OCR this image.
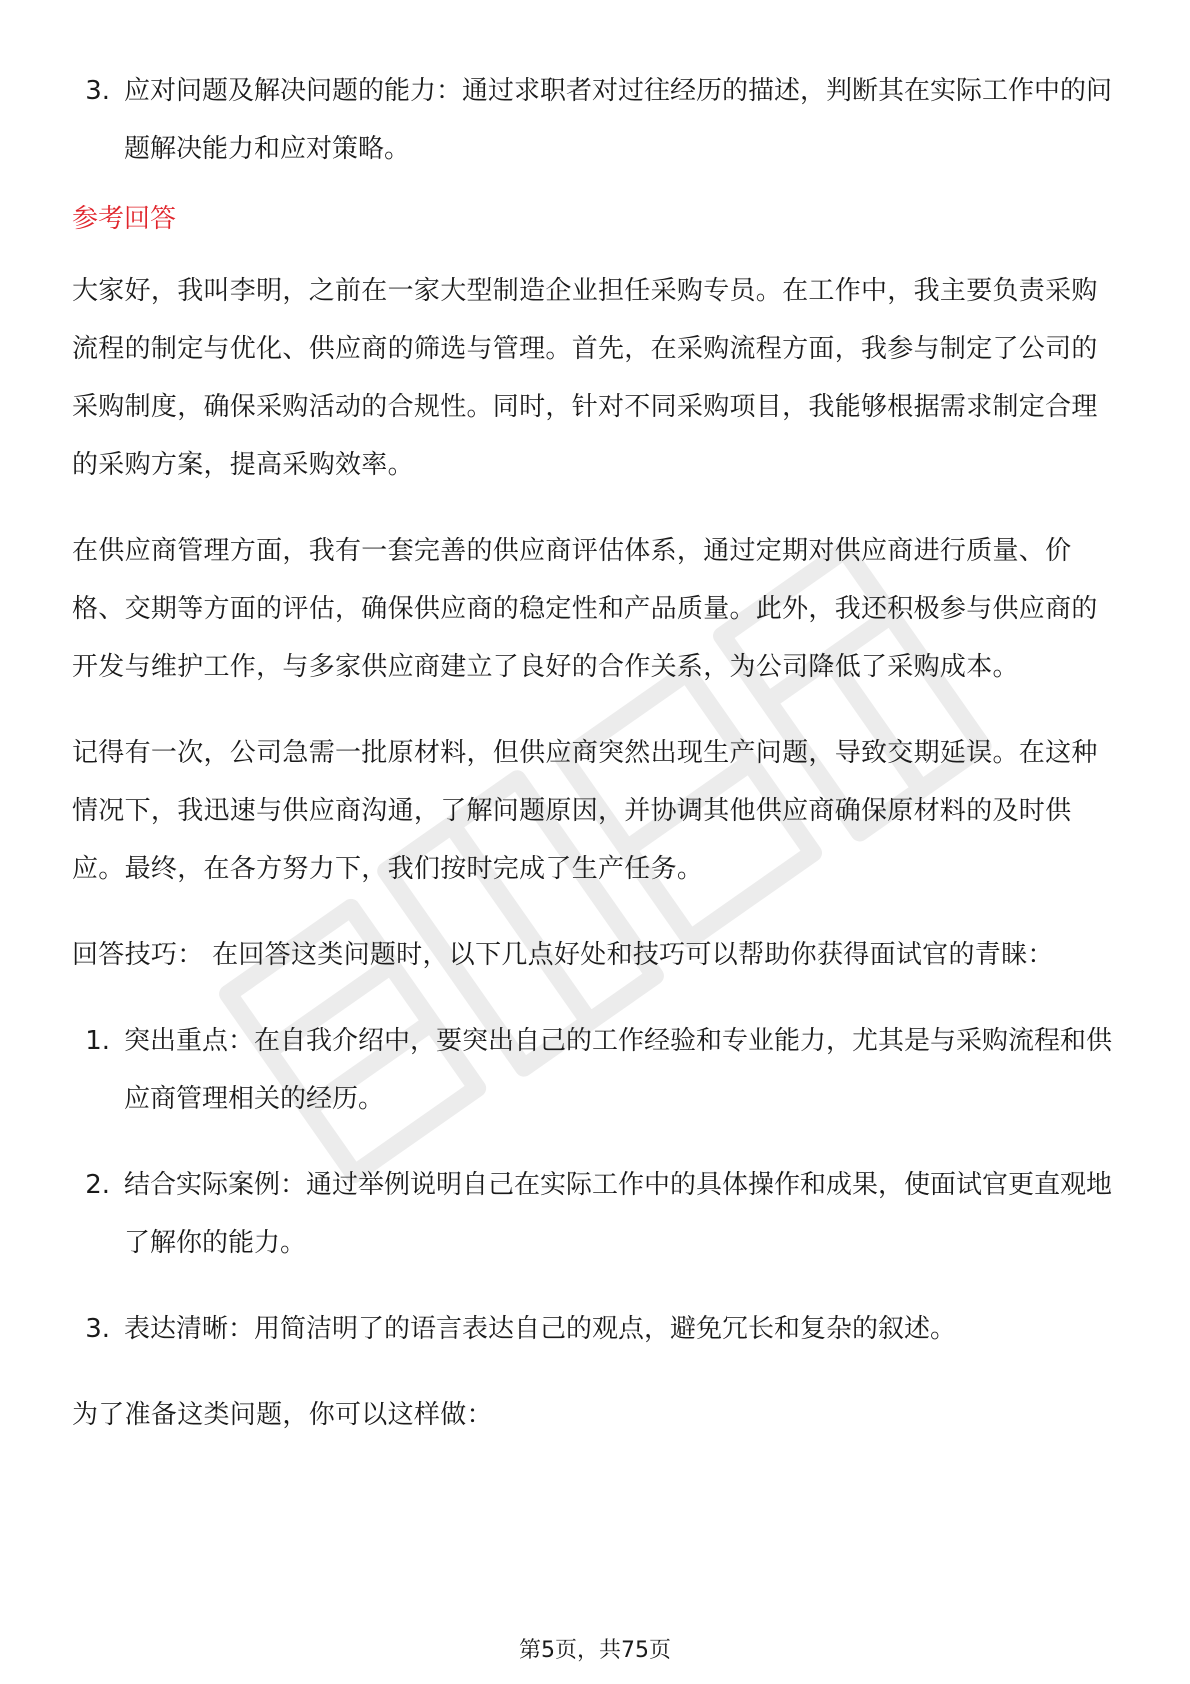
3. 应对问题及解决问题的能力：通过求职者对过往经历的描述，判断其在实际工作中的问题解决能力和应对策略。
参考回答

大家好，我叫李明，之前在一家大型制造企业担任采购专员。在工作中，我主要负责采购流程的制定与优化、供应商的筛选与管理。首先，在采购流程方面，我参与制定了公司的采购制度，确保采购活动的合规性。同时，针对不同采购项目，我能够根据需求制定合理的采购方案，提高采购效率。

在供应商管理方面，我有一套完善的供应商评估体系，通过定期对供应商进行质量、价格、交期等方面的评估，确保供应商的稳定性和产品质量。此外，我还积极参与供应商的开发与维护工作，与多家供应商建立了良好的合作关系，为公司降低了采购成本。

记得有一次，公司急需一批原材料，但供应商突然出现生产问题，导致交期延误。在这种情况下，我迅速与供应商沟通，了解问题原因，并协调其他供应商确保原材料的及时供应。最终，在各方努力下，我们按时完成了生产任务。

回答技巧： 在回答这类问题时，以下几点好处和技巧可以帮助你获得面试官的青睐：

1. 突出重点：在自我介绍中，要突出自己的工作经验和专业能力，尤其是与采购流程和供应商管理相关的经历。
2. 结合实际案例：通过举例说明自己在实际工作中的具体操作和成果，使面试官更直观地了解你的能力。
3. 表达清晰：用简洁明了的语言表达自己的观点，避免冗长和复杂的叙述。

为了准备这类问题，你可以这样做：

第5页，共75页
